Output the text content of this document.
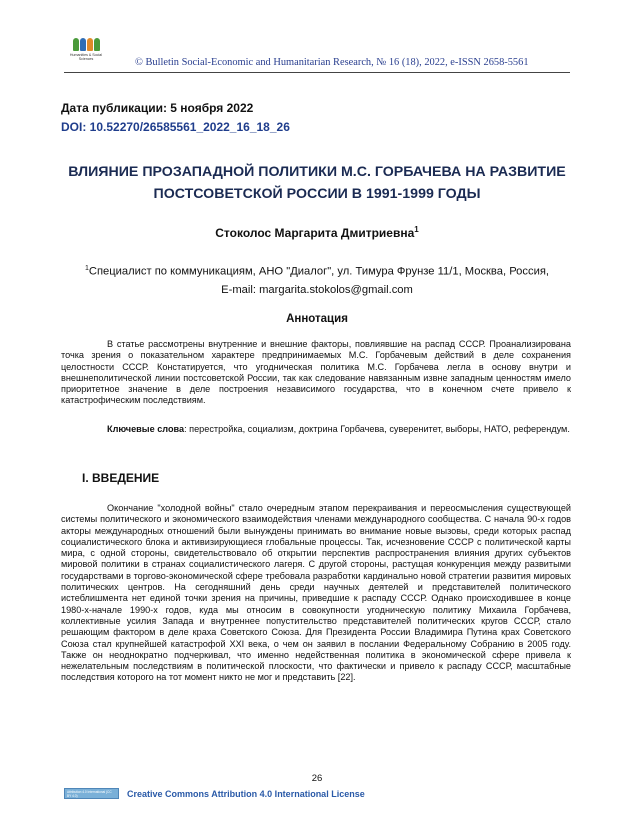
Humanities & Social Sciences	© Bulletin Social-Economic and Humanitarian Research, № 16 (18), 2022, e-ISSN 2658-5561
Дата публикации: 5 ноября 2022
DOI: 10.52270/26585561_2022_16_18_26
ВЛИЯНИЕ ПРОЗАПАДНОЙ ПОЛИТИКИ М.С. ГОРБАЧЕВА НА РАЗВИТИЕ
ПОСТСОВЕТСКОЙ РОССИИ В 1991-1999 ГОДЫ
Стоколос Маргарита Дмитриевна$^1$
$^1$Специалист по коммуникациям, АНО "Диалог", ул. Тимура Фрунзе 11/1, Москва, Россия,
E-mail: margarita.stokolos@gmail.com
Аннотация

В статье рассмотрены внутренние и внешние факторы, повлиявшие на распад СССР. Проанализирована точка зрения о показательном характере предпринимаемых М.С. Горбачевым действий в деле сохранения целостности СССР. Констатируется, что угодническая политика М.С. Горбачева легла в основу внутри и внешнеполитической линии постсоветской России, так как следование навязанным извне западным ценностям имело приоритетное значение в деле построения независимого государства, что в конечном счете привело к катастрофическим последствиям.

Ключевые слова: перестройка, социализм, доктрина Горбачева, суверенитет, выборы, НАТО, референдум.

I. ВВЕДЕНИЕ

Окончание "холодной войны" стало очередным этапом перекраивания и переосмысления существующей системы политического и экономического взаимодействия членами международного сообщества. С начала 90-х годов акторы международных отношений были вынуждены принимать во внимание новые вызовы, среди которых распад социалистического блока и активизирующиеся глобальные процессы. Так, исчезновение СССР с политической карты мира, с одной стороны, свидетельствовало об открытии перспектив распространения влияния других субъектов мировой политики в странах социалистического лагеря. С другой стороны, растущая конкуренция между развитыми государствами в торгово-экономической сфере требовала разработки кардинально новой стратегии развития мировых политических центров. На сегодняшний день среди научных деятелей и представителей политического истеблишмента нет единой точки зрения на причины, приведшие к распаду СССР. Однако происходившее в конце 1980-х-начале 1990-х годов, куда мы относим в совокупности угодническую политику Михаила Горбачева, коллективные усилия Запада и внутреннее попустительство представителей политических кругов СССР, стало решающим фактором в деле краха Советского Союза. Для Президента России Владимира Путина крах Советского Союза стал крупнейшей катастрофой XXI века, о чем он заявил в послании Федеральному Собранию в 2005 году. Также он неоднократно подчеркивал, что именно недейственная политика в экономической сфере привела к нежелательным последствиям в политической плоскости, что фактически и привело к распаду СССР, масштабные последствия которого на тот момент никто не мог и представить [22].

26
Attribution 4.0 International (CC BY 4.0)	Creative Commons Attribution 4.0 International License
